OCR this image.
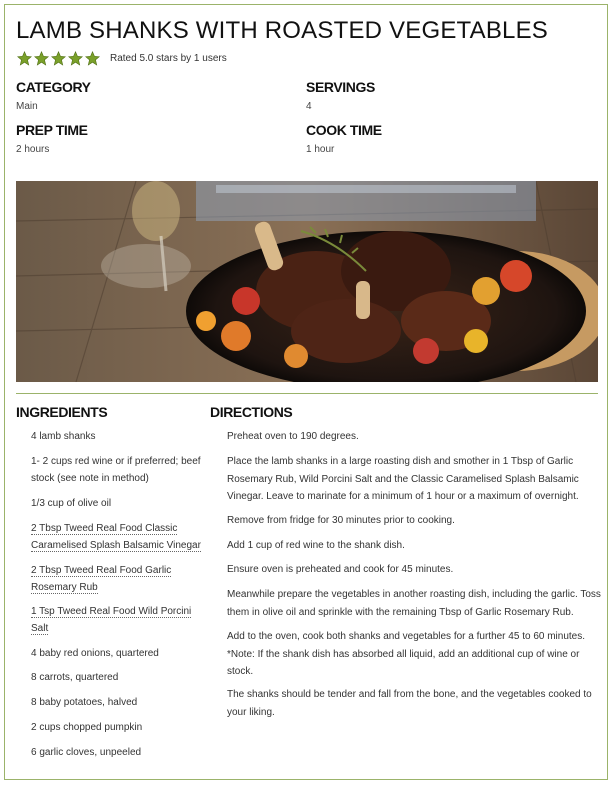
LAMB SHANKS WITH ROASTED VEGETABLES
Rated 5.0 stars by 1 users
CATEGORY
Main
SERVINGS
4
PREP TIME
2 hours
COOK TIME
1 hour
INGREDIENTS	DIRECTIONS
4 lamb shanks
1- 2 cups red wine or if preferred; beef stock (see note in method)
1/3 cup of olive oil
2 Tbsp Tweed Real Food Classic Caramelised Splash Balsamic Vinegar
2 Tbsp Tweed Real Food Garlic Rosemary Rub
1 Tsp Tweed Real Food Wild Porcini Salt
4 baby red onions, quartered
8 carrots, quartered
8 baby potatoes, halved
2 cups chopped pumpkin
6 garlic cloves, unpeeled
Preheat oven to 190 degrees.
Place the lamb shanks in a large roasting dish and smother in 1 Tbsp of Garlic Rosemary Rub, Wild Porcini Salt and the Classic Caramelised Splash Balsamic Vinegar. Leave to marinate for a minimum of 1 hour or a maximum of overnight.
Remove from fridge for 30 minutes prior to cooking.
Add 1 cup of red wine to the shank dish.
Ensure oven is preheated and cook for 45 minutes.
Meanwhile prepare the vegetables in another roasting dish, including the garlic. Toss them in olive oil and sprinkle with the remaining Tbsp of Garlic Rosemary Rub.
Add to the oven, cook both shanks and vegetables for a further 45 to 60 minutes. *Note: If the shank dish has absorbed all liquid, add an additional cup of wine or stock.
The shanks should be tender and fall from the bone, and the vegetables cooked to your liking.
